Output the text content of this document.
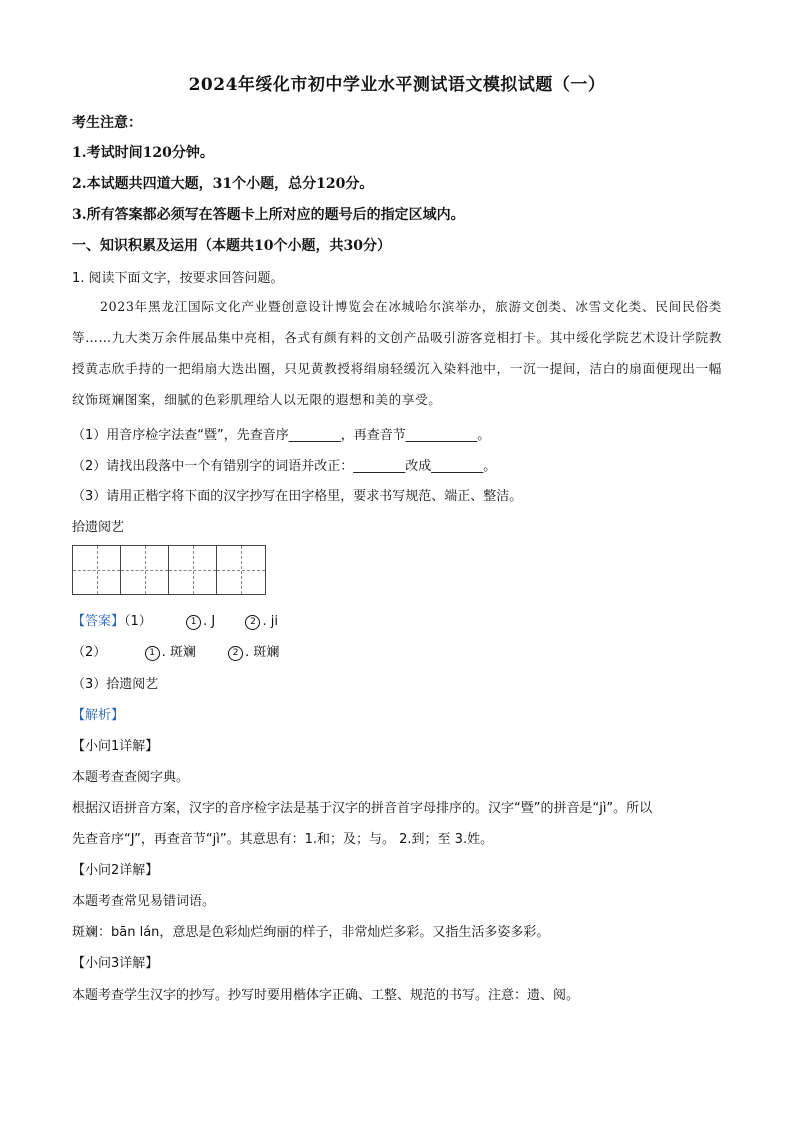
2024年绥化市初中学业水平测试语文模拟试题（一）
考生注意：
1.考试时间120分钟。
2.本试题共四道大题，31个小题，总分120分。
3.所有答案都必须写在答题卡上所对应的题号后的指定区域内。
一、知识积累及运用（本题共10个小题，共30分）
1. 阅读下面文字，按要求回答问题。
2023年黑龙江国际文化产业暨创意设计博览会在冰城哈尔滨举办，旅游文创类、冰雪文化类、民间民俗类等……九大类万余件展品集中亮相，各式有颜有料的文创产品吸引游客竞相打卡。其中绥化学院艺术设计学院教授黄志欣手持的一把绢扇大迭出圈，只见黄教授将绢扇轻缓沉入染料池中，一沉一提间，洁白的扇面便现出一幅纹饰斑斓图案，细腻的色彩肌理给人以无限的遐想和美的享受。
（1）用音序检字法查“暨”，先查音序________，再查音节___________。
（2）请找出段落中一个有错别字的词语并改正：________改成________。
（3）请用正楷字将下面的汉字抄写在田字格里，要求书写规范、端正、整洁。
拾遗阅艺
【答案】（1）	1 . J	2 . ji
（2）	1 . 斑斓	2 . 斑斓
（3）拾遗阅艺
【解析】
【小问1详解】
本题考查查阅字典。
根据汉语拼音方案，汉字的音序检字法是基于汉字的拼音首字母排序的。汉字“暨”的拼音是“jì”。所以
先查音序“J”，再查音节“jì”。其意思有：1.和；及；与。 2.到；至 3.姓。
【小问2详解】
本题考查常见易错词语。
斑斓：bān lán，意思是色彩灿烂绚丽的样子，非常灿烂多彩。又指生活多姿多彩。
【小问3详解】
本题考查学生汉字的抄写。抄写时要用楷体字正确、工整、规范的书写。注意：遗、阅。
